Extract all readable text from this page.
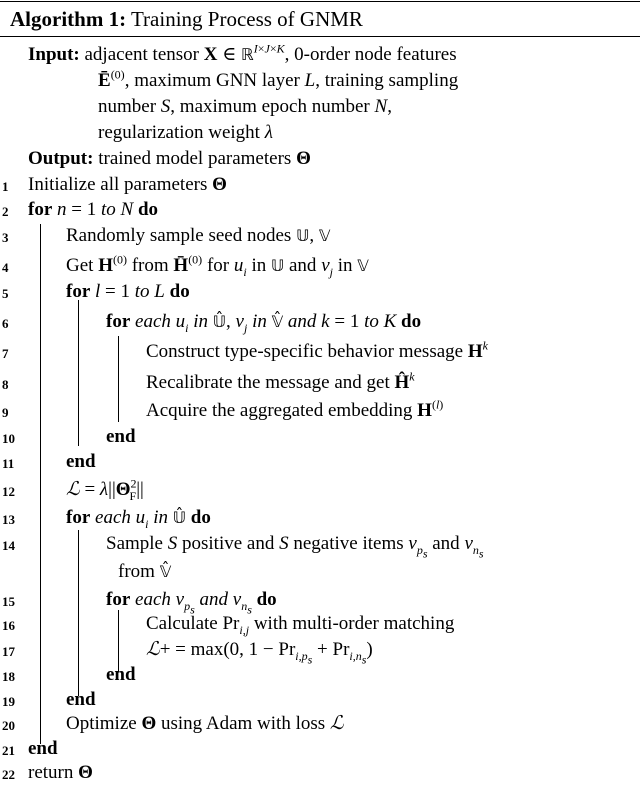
Algorithm 1: Training Process of GNMR
Input: adjacent tensor X ∈ ℝ$^{I\times J\times K}$, 0-order node features
$Ē^{(0)}$, maximum GNN layer L, training sampling
number S, maximum epoch number N,
regularization weight λ
Output: trained model parameters Θ
1
2
3
4
5
6
7
8
9
10
11
12
13
14
15
16
17
18
19
20
21
22
Initialize all parameters Θ
for n = 1 to N do
Randomly sample seed nodes 𝕌, 𝕍
Get $H^{(0)}$ from H̄$^{(0)}$ for $u_i$ in 𝕌 and $v_j$ in 𝕍
for l = 1 to L do
for each $u_i$ in 𝕌̂, $v_j$ in 𝕍̂ and k = 1 to K do
Construct type-specific behavior message $H^k$
Recalibrate the message and get $Ĥ^k$
Acquire the aggregated embedding $H^{(l)}$
end
end
ℒ = $\lambda||\Theta^2_F||$
for each $u_i$ in 𝕌̂ do
Sample S positive and S negative items $v_{p_s}$ and $v_{n_s}$
from 𝕍̂
for each $v_{p_s}$ and $v_{n_s}$ do
Calculate $Pr_{i,j}$ with multi-order matching
ℒ+ = max(0, $1 - Pr_{i,p_s} + Pr_{i,n_s}$)
end
end
Optimize Θ using Adam with loss ℒ
end
return Θ
